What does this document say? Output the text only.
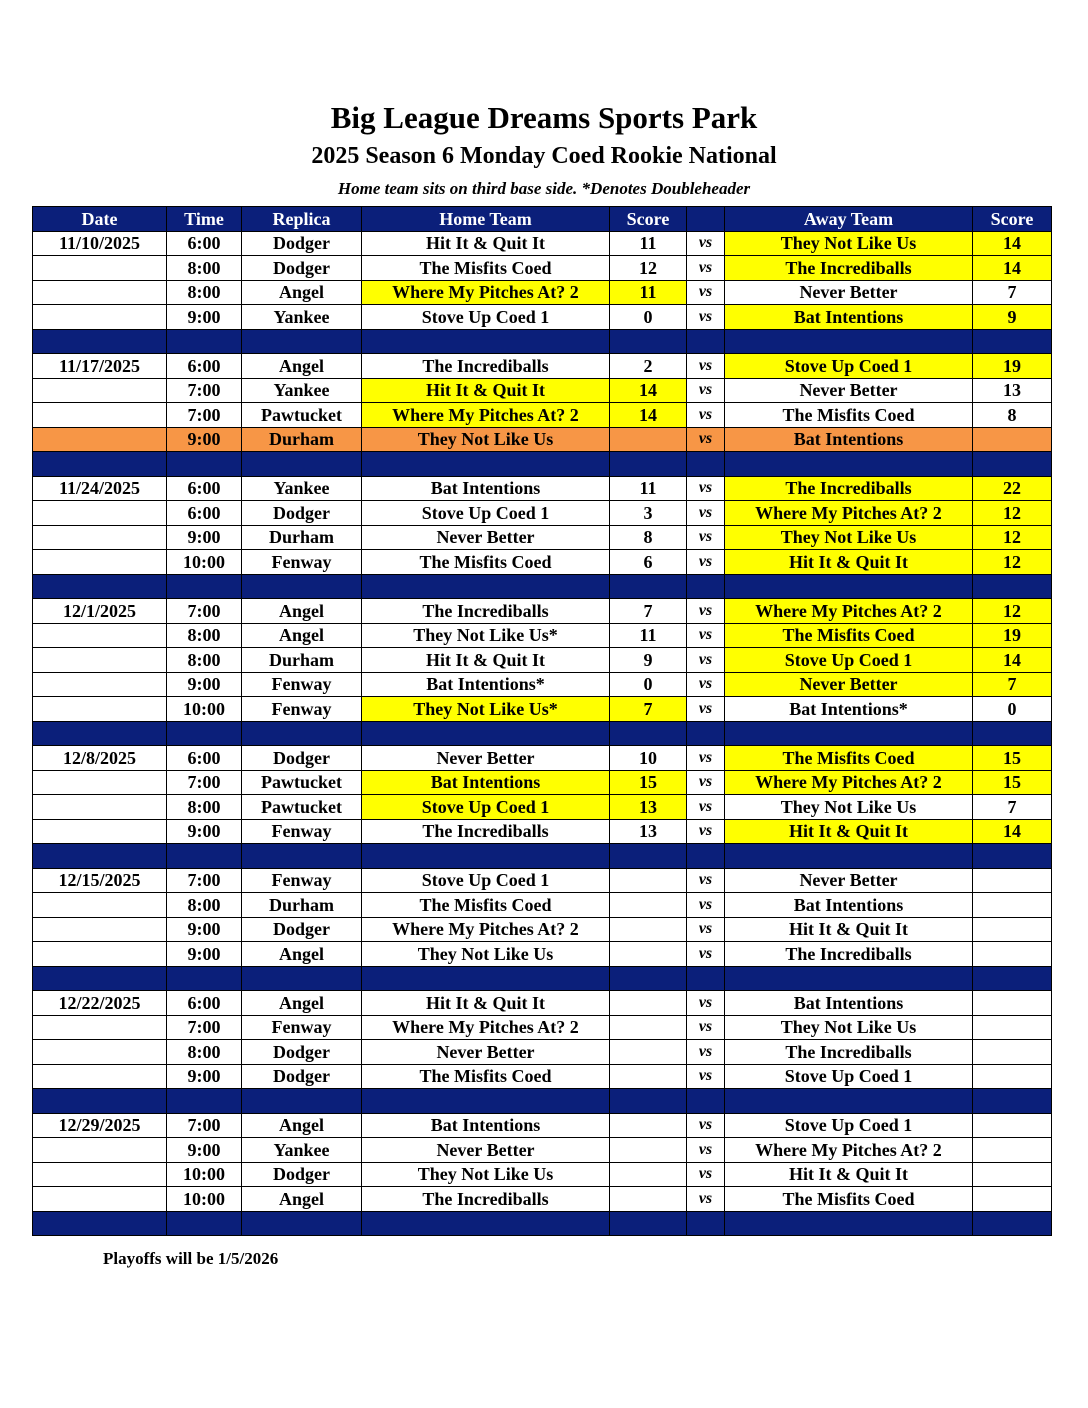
Big League Dreams Sports Park
2025 Season 6 Monday Coed Rookie National
Home team sits on third base side. *Denotes Doubleheader
Date	Time	Replica	Home Team	Score		Away Team	Score
11/10/2025	6:00	Dodger	Hit It & Quit It	11	vs	They Not Like Us	14
	8:00	Dodger	The Misfits Coed	12	vs	The Incrediballs	14
	8:00	Angel	Where My Pitches At? 2	11	vs	Never Better	7
	9:00	Yankee	Stove Up Coed 1	0	vs	Bat Intentions	9

11/17/2025	6:00	Angel	The Incrediballs	2	vs	Stove Up Coed 1	19
	7:00	Yankee	Hit It & Quit It	14	vs	Never Better	13
	7:00	Pawtucket	Where My Pitches At? 2	14	vs	The Misfits Coed	8
	9:00	Durham	They Not Like Us		vs	Bat Intentions	

11/24/2025	6:00	Yankee	Bat Intentions	11	vs	The Incrediballs	22
	6:00	Dodger	Stove Up Coed 1	3	vs	Where My Pitches At? 2	12
	9:00	Durham	Never Better	8	vs	They Not Like Us	12
	10:00	Fenway	The Misfits Coed	6	vs	Hit It & Quit It	12

12/1/2025	7:00	Angel	The Incrediballs	7	vs	Where My Pitches At? 2	12
	8:00	Angel	They Not Like Us*	11	vs	The Misfits Coed	19
	8:00	Durham	Hit It & Quit It	9	vs	Stove Up Coed 1	14
	9:00	Fenway	Bat Intentions*	0	vs	Never Better	7
	10:00	Fenway	They Not Like Us*	7	vs	Bat Intentions*	0

12/8/2025	6:00	Dodger	Never Better	10	vs	The Misfits Coed	15
	7:00	Pawtucket	Bat Intentions	15	vs	Where My Pitches At? 2	15
	8:00	Pawtucket	Stove Up Coed 1	13	vs	They Not Like Us	7
	9:00	Fenway	The Incrediballs	13	vs	Hit It & Quit It	14

12/15/2025	7:00	Fenway	Stove Up Coed 1		vs	Never Better	
	8:00	Durham	The Misfits Coed		vs	Bat Intentions	
	9:00	Dodger	Where My Pitches At? 2		vs	Hit It & Quit It	
	9:00	Angel	They Not Like Us		vs	The Incrediballs	

12/22/2025	6:00	Angel	Hit It & Quit It		vs	Bat Intentions	
	7:00	Fenway	Where My Pitches At? 2		vs	They Not Like Us	
	8:00	Dodger	Never Better		vs	The Incrediballs	
	9:00	Dodger	The Misfits Coed		vs	Stove Up Coed 1	

12/29/2025	7:00	Angel	Bat Intentions		vs	Stove Up Coed 1	
	9:00	Yankee	Never Better		vs	Where My Pitches At? 2	
	10:00	Dodger	They Not Like Us		vs	Hit It & Quit It	
	10:00	Angel	The Incrediballs		vs	The Misfits Coed	

Playoffs will be 1/5/2026
